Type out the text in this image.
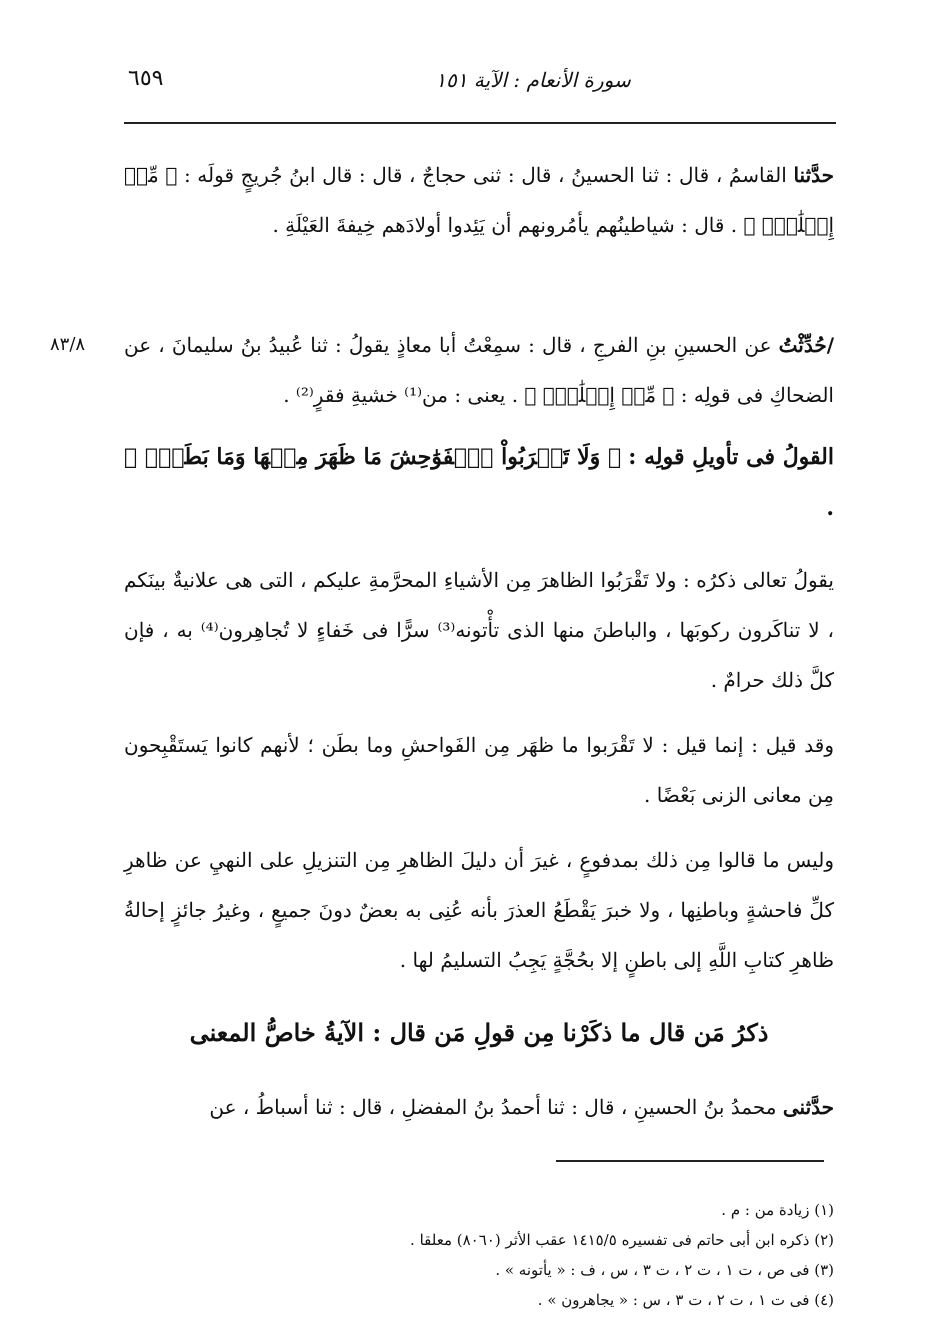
٦٥٩	سورة الأنعام : الآية ١٥١
٨٣/٨
حدَّثنا القاسمُ ، قال : ثنا الحسينُ ، قال : ثنى حجاجٌ ، قال : قال ابنُ جُريجٍ قولَه : ﴿ مِّنۡ إِمۡلَٰقٍۖ ﴾ . قال : شياطينُهم يأمُرونهم أن يَئِدوا أولادَهم خِيفةَ العَيْلَةِ .
/حُدِّثْتُ عن الحسينِ بنِ الفرجِ ، قال : سمِعْتُ أبا معاذٍ يقولُ : ثنا عُبيدُ بنُ سليمانَ ، عن الضحاكِ فى قولِه : ﴿ مِّنۡ إِمۡلَٰقٍۖ ﴾ . يعنى : من⁽¹⁾ خشيةِ فقرٍ⁽²⁾ .
القولُ فى تأويلِ قولِه : ﴿ وَلَا تَقۡرَبُواْ ٱلۡفَوَٰحِشَ مَا ظَهَرَ مِنۡهَا وَمَا بَطَنَۖ ﴾ .
يقولُ تعالى ذكرُه : ولا تَقْرَبُوا الظاهرَ مِن الأشياءِ المحرَّمةِ عليكم ، التى هى علانيةٌ بينَكم ، لا تناكَرون ركوبَها ، والباطنَ منها الذى تأْتونه⁽³⁾ سرًّا فى خَفاءٍ لا تُجاهِرون⁽⁴⁾ به ، فإن كلَّ ذلك حرامٌ .
وقد قيل : إنما قيل : لا تَقْرَبوا ما ظهَر مِن الفَواحشِ وما بطَن ؛ لأنهم كانوا يَستَقْبِحون مِن معانى الزنى بَعْضًا .
وليس ما قالوا مِن ذلك بمدفوعٍ ، غيرَ أن دليلَ الظاهرِ مِن التنزيلِ على النهيِ عن ظاهرِ كلِّ فاحشةٍ وباطنِها ، ولا خبرَ يَقْطَعُ العذرَ بأنه عُنِى به بعضٌ دونَ جميعٍ ، وغيرُ جائزٍ إحالةُ ظاهرِ كتابِ اللَّهِ إلى باطنٍ إلا بحُجَّةٍ يَجِبُ التسليمُ لها .
ذكرُ مَن قال ما ذكَرْنا مِن قولِ مَن قال : الآيةُ خاصُّ المعنى
حدَّثنى محمدُ بنُ الحسينِ ، قال : ثنا أحمدُ بنُ المفضلِ ، قال : ثنا أسباطُ ، عن
(١) زيادة من : م .
(٢) ذكره ابن أبى حاتم فى تفسيره ١٤١٥/٥ عقب الأثر (٨٠٦٠) معلقا .
(٣) فى ص ، ت ١ ، ت ٢ ، ت ٣ ، س ، ف : « يأتونه » .
(٤) فى ت ١ ، ت ٢ ، ت ٣ ، س : « يجاهرون » .
